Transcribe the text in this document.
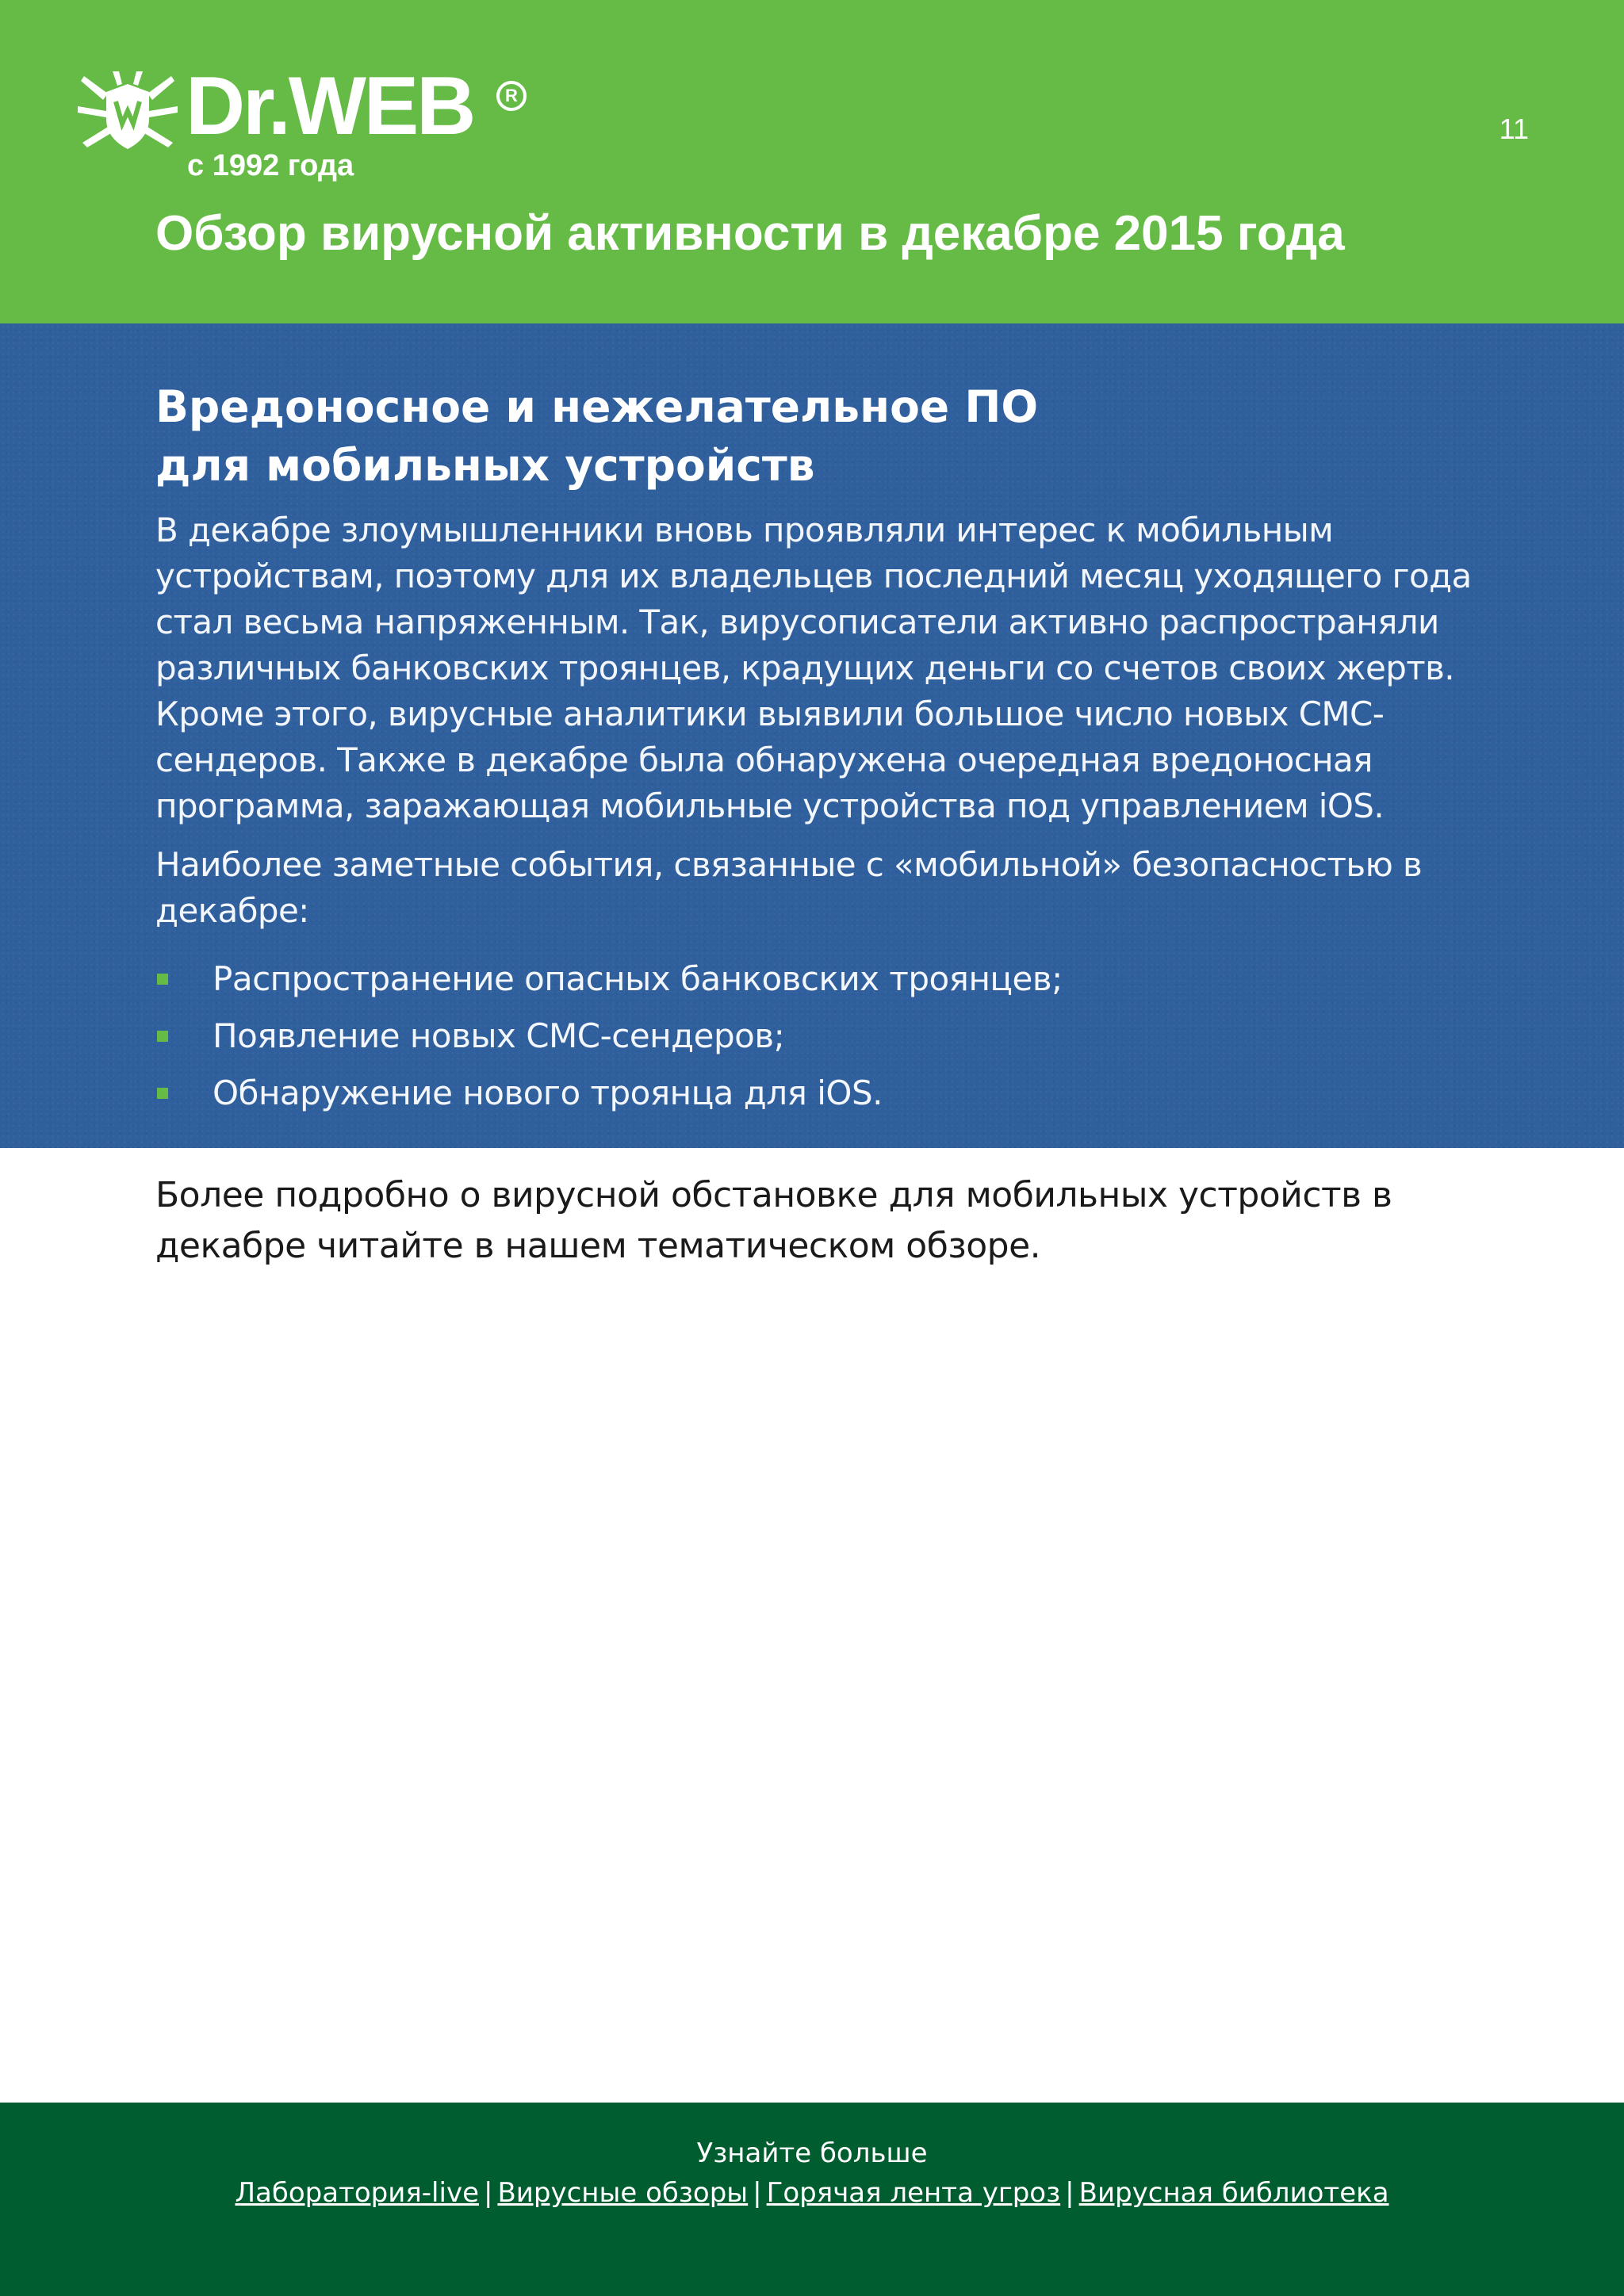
Dr.WEB	R
с 1992 года
11
Обзор вирусной активности в декабре 2015 года
Вредоносное и нежелательное ПО
для мобильных устройств

В декабре злоумышленники вновь проявляли интерес к мобильным устройствам, поэтому для их владельцев последний месяц уходящего года стал весьма напряженным. Так, вирусописатели активно распространяли различных банковских троянцев, крадущих деньги со счетов своих жертв. Кроме этого, вирусные аналитики выявили большое число новых СМС-сендеров. Также в декабре была обнаружена очередная вредоносная программа, заражающая мобильные устройства под управлением iOS.

Наиболее заметные события, связанные с «мобильной» безопасностью в декабре:

Распространение опасных банковских троянцев;
Появление новых СМС-сендеров;
Обнаружение нового троянца для iOS.

Более подробно о вирусной обстановке для мобильных устройств в декабре читайте в нашем тематическом обзоре.

Узнайте больше
Лаборатория-live | Вирусные обзоры | Горячая лента угроз | Вирусная библиотека
